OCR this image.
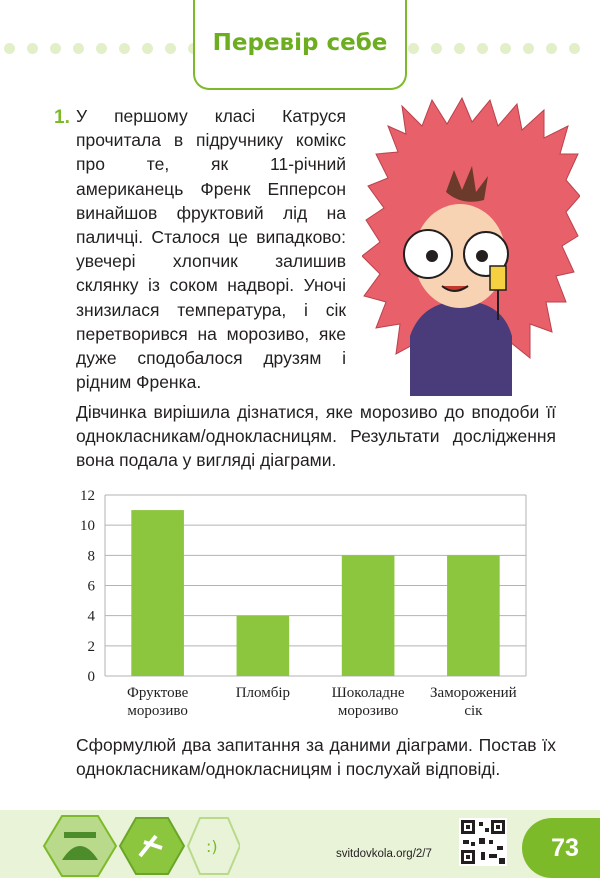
Перевір себе
1. У першому класі Катруся прочитала в підручнику комікс про те, як 11-річний американець Френк Епперсон винайшов фруктовий лід на паличці. Сталося це випадково: увечері хлопчик залишив склянку із соком надворі. Уночі знизилася температура, і сік перетворився на морозиво, яке дуже сподобалося друзям і рідним Френка.
Дівчинка вирішила дізнатися, яке морозиво до вподоби її однокласникам/однокласницям. Результати дослідження вона подала у вигляді діаграми.
0
2
4
6
8
10
12
Фруктове морозиво
Пломбір	Шоколадне морозиво
Заморожений сік
Сформулюй два запитання за даними діаграми. Постав їх однокласникам/однокласницям і послухай відповіді.
:)	svitdovkola.org/2/7	73
